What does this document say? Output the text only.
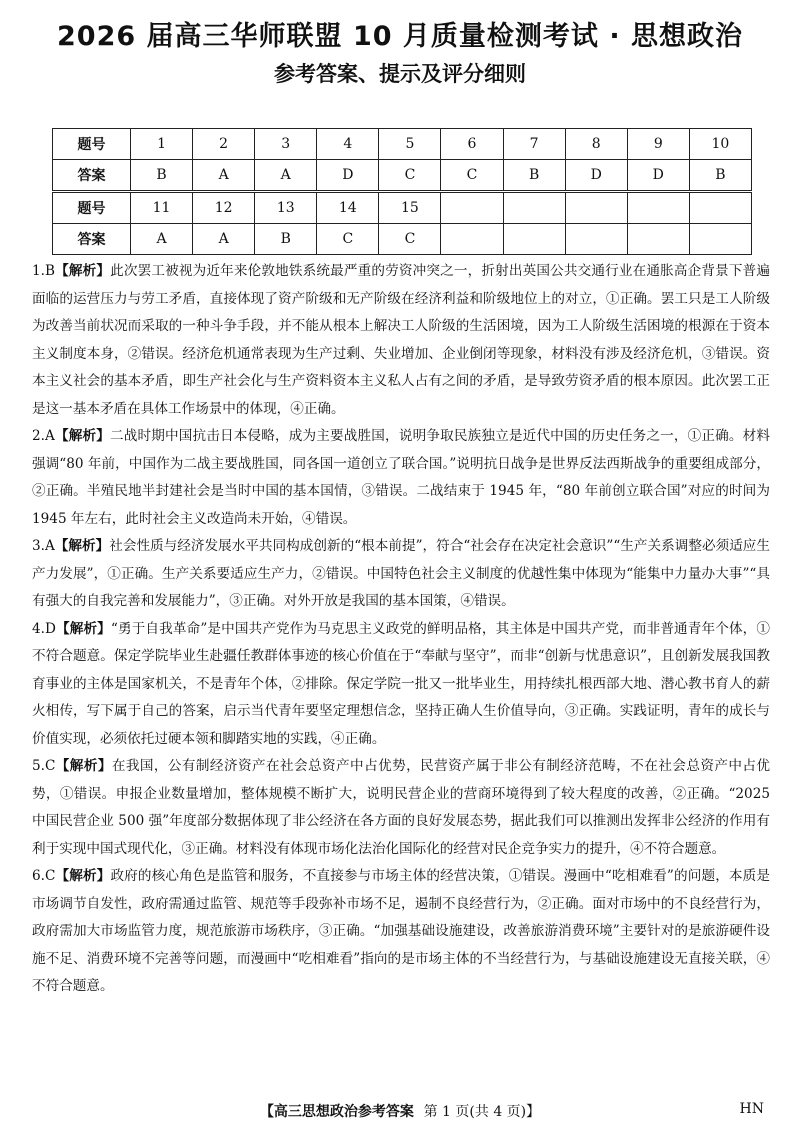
2026 届高三华师联盟 10 月质量检测考试 · 思想政治
参考答案、提示及评分细则
题号	1	2	3	4	5	6	7	8	9	10
答案	B	A	A	D	C	C	B	D	D	B
题号	11	12	13	14	15					
答案	A	A	B	C	C					

1.B【解析】此次罢工被视为近年来伦敦地铁系统最严重的劳资冲突之一，折射出英国公共交通行业在通胀高企背景下普遍面临的运营压力与劳工矛盾，直接体现了资产阶级和无产阶级在经济利益和阶级地位上的对立，①正确。罢工只是工人阶级为改善当前状况而采取的一种斗争手段，并不能从根本上解决工人阶级的生活困境，因为工人阶级生活困境的根源在于资本主义制度本身，②错误。经济危机通常表现为生产过剩、失业增加、企业倒闭等现象，材料没有涉及经济危机，③错误。资本主义社会的基本矛盾，即生产社会化与生产资料资本主义私人占有之间的矛盾，是导致劳资矛盾的根本原因。此次罢工正是这一基本矛盾在具体工作场景中的体现，④正确。

2.A【解析】二战时期中国抗击日本侵略，成为主要战胜国，说明争取民族独立是近代中国的历史任务之一，①正确。材料强调“80 年前，中国作为二战主要战胜国，同各国一道创立了联合国。”说明抗日战争是世界反法西斯战争的重要组成部分，②正确。半殖民地半封建社会是当时中国的基本国情，③错误。二战结束于 1945 年，“80 年前创立联合国”对应的时间为 1945 年左右，此时社会主义改造尚未开始，④错误。

3.A【解析】社会性质与经济发展水平共同构成创新的“根本前提”，符合“社会存在决定社会意识”“生产关系调整必须适应生产力发展”，①正确。生产关系要适应生产力，②错误。中国特色社会主义制度的优越性集中体现为“能集中力量办大事”“具有强大的自我完善和发展能力”，③正确。对外开放是我国的基本国策，④错误。

4.D【解析】“勇于自我革命”是中国共产党作为马克思主义政党的鲜明品格，其主体是中国共产党，而非普通青年个体，①不符合题意。保定学院毕业生赴疆任教群体事迹的核心价值在于“奉献与坚守”，而非“创新与忧患意识”，且创新发展我国教育事业的主体是国家机关，不是青年个体，②排除。保定学院一批又一批毕业生，用持续扎根西部大地、潜心教书育人的薪火相传，写下属于自己的答案，启示当代青年要坚定理想信念，坚持正确人生价值导向，③正确。实践证明，青年的成长与价值实现，必须依托过硬本领和脚踏实地的实践，④正确。

5.C【解析】在我国，公有制经济资产在社会总资产中占优势，民营资产属于非公有制经济范畴，不在社会总资产中占优势，①错误。申报企业数量增加，整体规模不断扩大，说明民营企业的营商环境得到了较大程度的改善，②正确。“2025 中国民营企业 500 强”年度部分数据体现了非公经济在各方面的良好发展态势，据此我们可以推测出发挥非公经济的作用有利于实现中国式现代化，③正确。材料没有体现市场化法治化国际化的经营对民企竞争实力的提升，④不符合题意。

6.C【解析】政府的核心角色是监管和服务，不直接参与市场主体的经营决策，①错误。漫画中“吃相难看”的问题，本质是市场调节自发性，政府需通过监管、规范等手段弥补市场不足，遏制不良经营行为，②正确。面对市场中的不良经营行为，政府需加大市场监管力度，规范旅游市场秩序，③正确。“加强基础设施建设，改善旅游消费环境”主要针对的是旅游硬件设施不足、消费环境不完善等问题，而漫画中“吃相难看”指向的是市场主体的不当经营行为，与基础设施建设无直接关联，④不符合题意。

【高三思想政治参考答案 第 1 页(共 4 页)】	HN
